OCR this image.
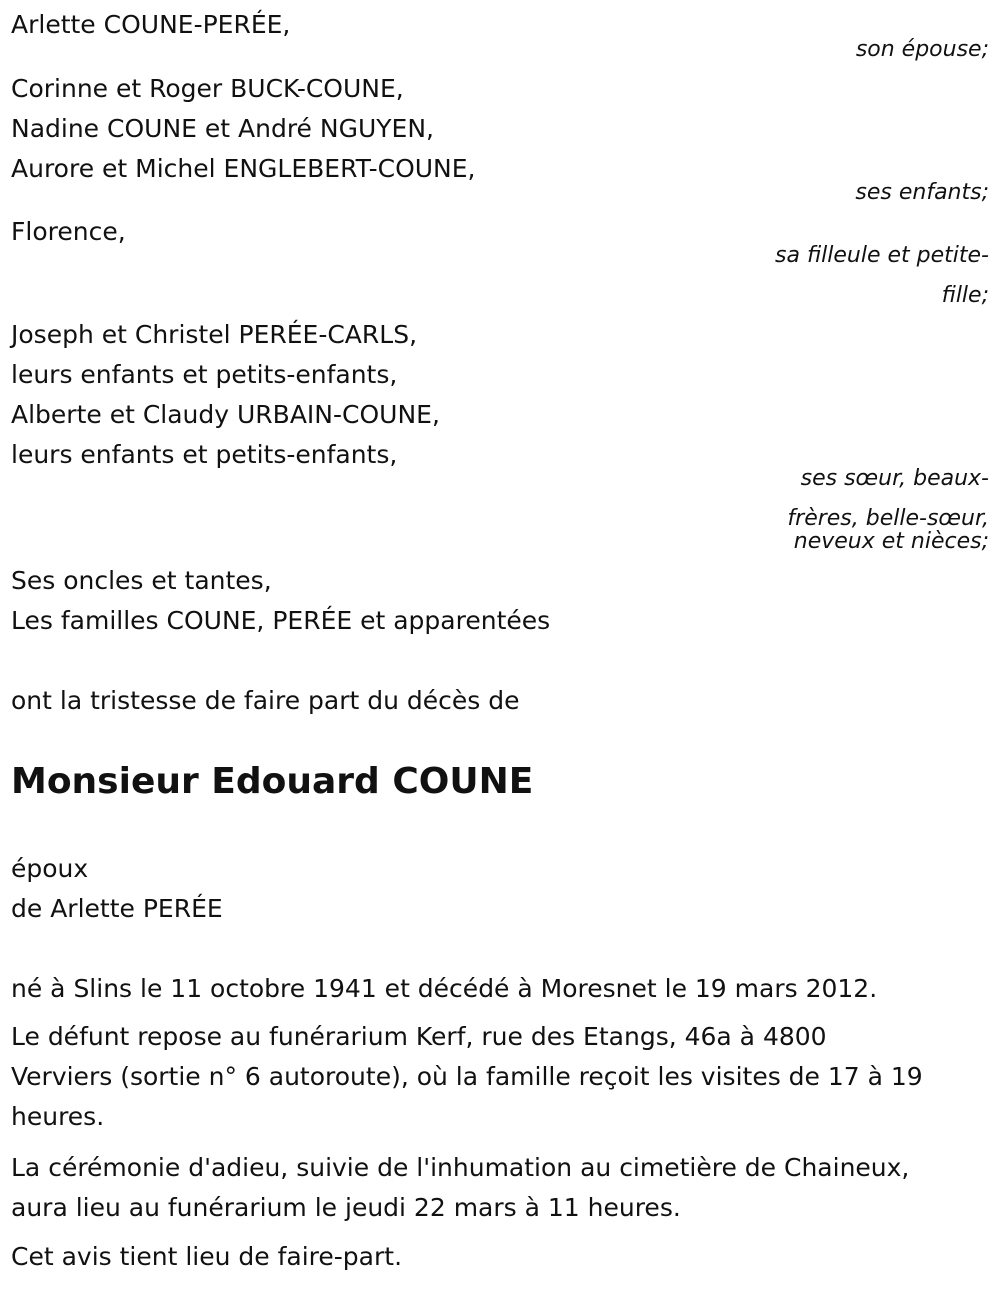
Arlette COUNE-PERÉE,
son épouse;
Corinne et Roger BUCK-COUNE,
Nadine COUNE et André NGUYEN,
Aurore et Michel ENGLEBERT-COUNE,
ses enfants;
Florence,
sa filleule et petite-
fille;
Joseph et Christel PERÉE-CARLS,
leurs enfants et petits-enfants,
Alberte et Claudy URBAIN-COUNE,
leurs enfants et petits-enfants,
ses sœur, beaux-
frères, belle-sœur,
neveux et nièces;
Ses oncles et tantes,
Les familles COUNE, PERÉE et apparentées
ont la tristesse de faire part du décès de
Monsieur Edouard COUNE
époux
de Arlette PERÉE
né à Slins le 11 octobre 1941 et décédé à Moresnet le 19 mars 2012.
Le défunt repose au funérarium Kerf, rue des Etangs, 46a à 4800
Verviers (sortie n° 6 autoroute), où la famille reçoit les visites de 17 à 19
heures.
La cérémonie d'adieu, suivie de l'inhumation au cimetière de Chaineux,
aura lieu au funérarium le jeudi 22 mars à 11 heures.
Cet avis tient lieu de faire-part.
